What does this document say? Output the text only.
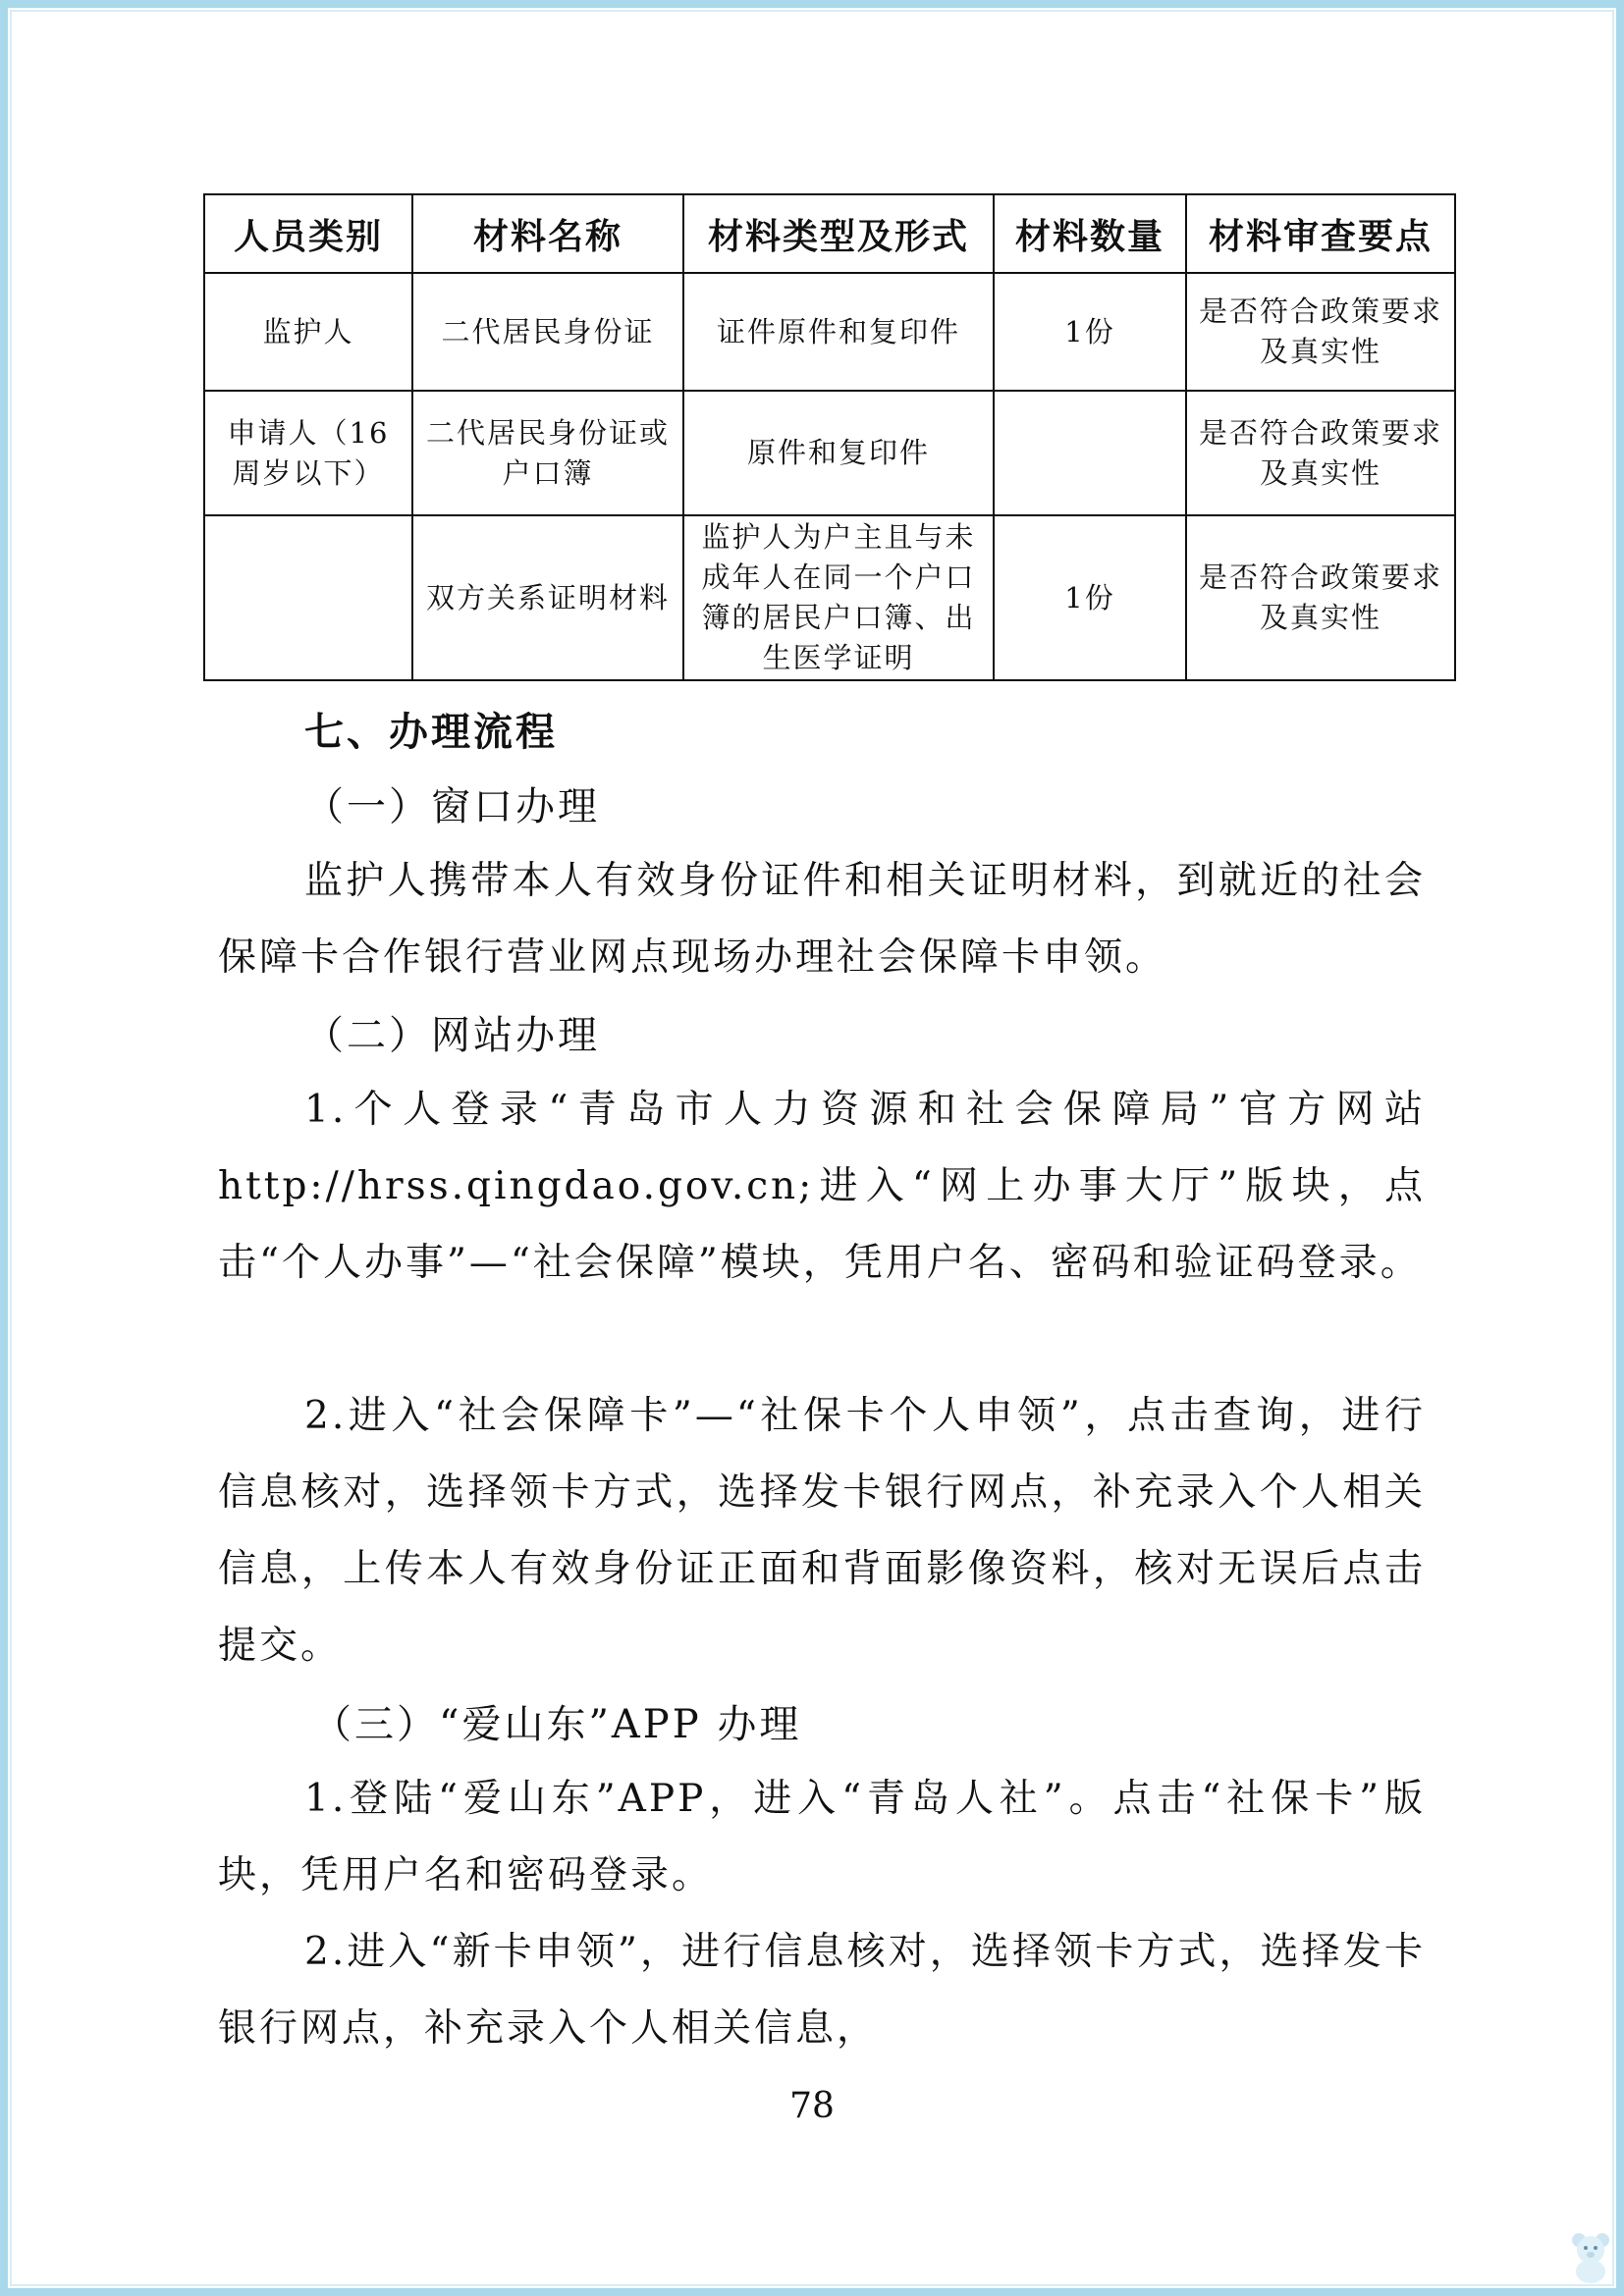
人员类别	材料名称	材料类型及形式	材料数量	材料审查要点
监护人	二代居民身份证	证件原件和复印件	1份	是否符合政策要求及真实性
申请人（16周岁以下）	二代居民身份证或户口簿	原件和复印件		是否符合政策要求及真实性
	双方关系证明材料	监护人为户主且与未成年人在同一个户口簿的居民户口簿、出生医学证明	1份	是否符合政策要求及真实性
七、办理流程
（一）窗口办理
监护人携带本人有效身份证件和相关证明材料，到就近的社会保障卡合作银行营业网点现场办理社会保障卡申领。
（二）网站办理
1.个人登录“青岛市人力资源和社会保障局”官方网站http://hrss.qingdao.gov.cn;进入“网上办事大厅”版块，点击“个人办事”—“社会保障”模块，凭用户名、密码和验证码登录。
2.进入“社会保障卡”—“社保卡个人申领”，点击查询，进行信息核对，选择领卡方式，选择发卡银行网点，补充录入个人相关信息，上传本人有效身份证正面和背面影像资料，核对无误后点击提交。
（三）“爱山东”APP 办理
1.登陆“爱山东”APP，进入“青岛人社”。点击“社保卡”版块，凭用户名和密码登录。
2.进入“新卡申领”，进行信息核对，选择领卡方式，选择发卡银行网点，补充录入个人相关信息，
78
